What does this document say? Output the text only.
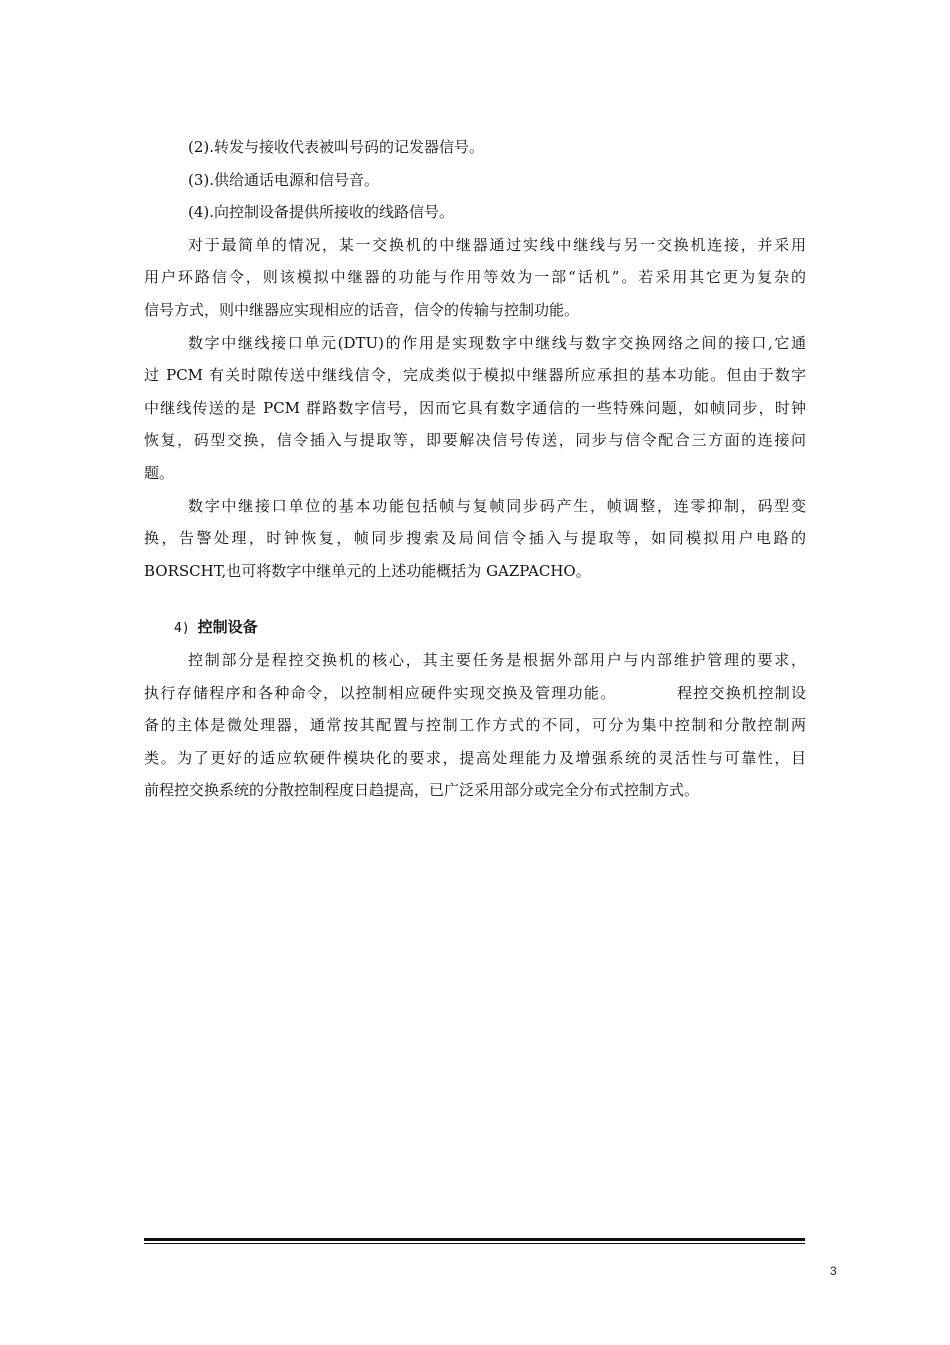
(2).转发与接收代表被叫号码的记发器信号。
(3).供给通话电源和信号音。
(4).向控制设备提供所接收的线路信号。
对于最简单的情况，某一交换机的中继器通过实线中继线与另一交换机连接，并采用
用户环路信令，则该模拟中继器的功能与作用等效为一部“话机”。若采用其它更为复杂的
信号方式，则中继器应实现相应的话音，信令的传输与控制功能。
数字中继线接口单元(DTU)的作用是实现数字中继线与数字交换网络之间的接口,它通
过 PCM 有关时隙传送中继线信令，完成类似于模拟中继器所应承担的基本功能。但由于数字
中继线传送的是 PCM 群路数字信号，因而它具有数字通信的一些特殊问题，如帧同步，时钟
恢复，码型交换，信令插入与提取等，即要解决信号传送，同步与信令配合三方面的连接问
题。
数字中继接口单位的基本功能包括帧与复帧同步码产生，帧调整，连零抑制，码型变
换，告警处理，时钟恢复，帧同步搜索及局间信令插入与提取等，如同模拟用户电路的
BORSCHT,也可将数字中继单元的上述功能概括为 GAZPACHO。
4) 控制设备
控制部分是程控交换机的核心，其主要任务是根据外部用户与内部维护管理的要求，
执行存储程序和各种命令，以控制相应硬件实现交换及管理功能。          程控交换机控制设
备的主体是微处理器，通常按其配置与控制工作方式的不同，可分为集中控制和分散控制两
类。为了更好的适应软硬件模块化的要求，提高处理能力及增强系统的灵活性与可靠性，目
前程控交换系统的分散控制程度日趋提高，已广泛采用部分或完全分布式控制方式。
3
